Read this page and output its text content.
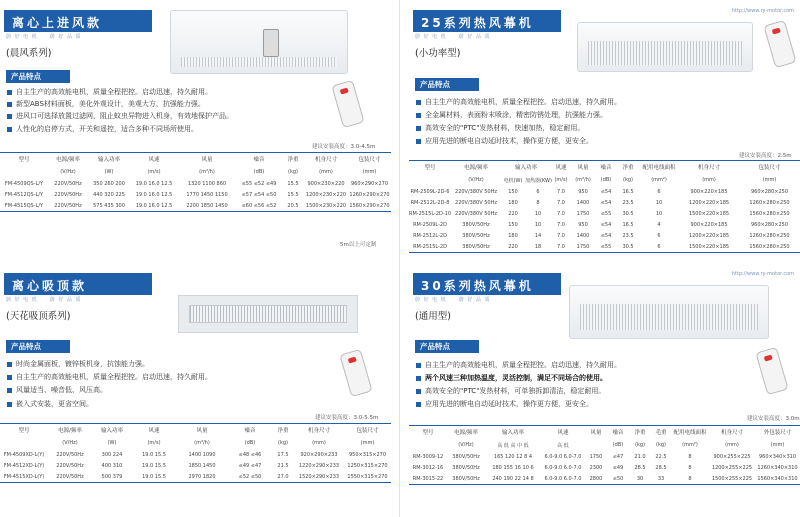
离心上进风款
蔚 好 电 机　　蔚 好 品 质
(晨风系列)
产品特点
自主生产的高效能电机，质量全程把控。启动迅速，持久耐用。
新型ABS材料面板，美化外观设计，美观大方，抗强能力强。
进风口可选择放置过滤网，阻止蚊虫异物进入机身，有效地保护产品。
人性化的启停方式，开关和遥控，适合多种不同场所使用。
建议安装高度：3.0-4.5m
型号	电源/频率	输入功率	风速	风量	噪音	净重	机身尺寸	包装尺寸
	(V/Hz)	(W)	(m/s)	(m³/h)	(dB)	(kg)	(mm)	(mm)
FM-4509QS-L/Y	220V/50Hz	350 260 200	19.0 16.0 12.5	1320 1100 860	≤55 ≤52 ≤49	15.5	900×230×220	960×290×270
FM-4512QS-L/Y	220V/50Hz	440 320 225	19.0 16.0 12.5	1770 1450 1150	≤57 ≤54 ≤50	15.5	1200×230×220	1260×290×270
FM-4515QS-L/Y	220V/50Hz	575 435 300	19.0 16.0 12.5	2200 1850 1450	≤60 ≤56 ≤52	20.5	1500×230×220	1560×290×270
5m以上可定制
25系列热风幕机
http://www.ry-motor.com
蔚 好 电 机　　蔚 好 品 质
(小功率型)
产品特点
自主生产的高效能电机，质量全程把控。启动迅速，持久耐用。
全金属材料，表面粉末喷涂，精密防锈处理，抗强能力强。
高效安全的"PTC"发热材料，快速加热，稳定耐用。
应用先进的断电自动延时技术，操作更方便，更安全。
建议安装高度：2.5m
型号	电源/频率	输入功率		风速	风量	噪音	净重	配用电线面积	机身尺寸	包装尺寸
	(V/Hz)	电机(W)	加热器(KW)	(m/s)	(m³/h)	(dB)	(kg)	(mm²)	(mm)	(mm)
RM-2509L-2D-6	220V/380V 50Hz	150	6	7.0	950	≤54	16.5	6	900×220×185	960×280×250
RM-2512L-2D-8	220V/380V 50Hz	180	8	7.0	1400	≤54	23.5	10	1200×220×185	1260×280×250
RM-2515L-2D-10	220V/380V 50Hz	220	10	7.0	1750	≤55	30.5	10	1500×220×185	1560×280×250
RM-2509L-2D	380V/50Hz	150	10	7.0	950	≤54	16.5	4	900×220×185	960×280×250
RM-2512L-2D	380V/50Hz	180	14	7.0	1400	≤54	23.5	6	1200×220×185	1260×280×250
RM-2515L-2D	380V/50Hz	220	18	7.0	1750	≤55	30.5	6	1500×220×185	1560×280×250
离心吸顶款
蔚 好 电 机　　蔚 好 品 质
(天花吸顶系列)
产品特点
时尚金属面板，镀锌板机身，抗蚀能力强。
自主生产的高效能电机，质量全程把控。启动迅速，持久耐用。
风量适当、噪音低、风压高。
嵌入式安装，更省空间。
建议安装高度：3.0-5.5m
型号	电源/频率	输入功率	风速	风量	噪音	净重	机身尺寸	包装尺寸
	(V/Hz)	(W)	(m/s)	(m³/h)	(dB)	(kg)	(mm)	(mm)
FM-4509XD-L(Y)	220V/50Hz	300 224	19.0 15.5	1400 1090	≤48 ≤46	17.5	920×290×233	950×315×270
FM-4512XD-L(Y)	220V/50Hz	400 310	19.0 15.5	1850 1450	≤49 ≤47	21.5	1220×290×233	1250×315×270
FM-4515XD-L(Y)	220V/50Hz	500 379	19.0 15.5	2970 1820	≤52 ≤50	27.0	1520×290×233	1550×315×270
30系列热风幕机
http://www.ry-motor.com
蔚 好 电 机　　蔚 好 品 质
(通用型)
产品特点
自主生产的高效能电机，质量全程把控。启动迅速，持久耐用。
两个风速三种加热温度，灵活控制，满足不同场合的使用。
高效安全的"PTC"发热材料，可单独拆卸清洁，稳定耐用。
应用先进的断电自动延时技术，操作更方便，更安全。
建议安装高度：3.0m
型号	电源/频率	输入功率	风速	风量	噪音	净重	毛重	配用电线面积	机身尺寸	外包装尺寸
	(V/Hz)	高 低 高 中 低	高 低		(dB)	(kg)	(kg)	(mm²)	(mm)	(mm)
RM-3009-12	380V/50Hz	165 120 12 8 4	6.0-9.0 6.0-7.0	1750	≤47	21.0	22.5	8	900×255×225	960×340×310
RM-3012-16	380V/50Hz	180 155 16 10 6	6.0-9.0 6.0-7.0	2300	≤49	28.5	28.5	8	1200×255×225	1260×340×310
RM-3015-22	380V/50Hz	240 190 22 14 8	6.0-9.0 6.0-7.0	2800	≤50	30	33	8	1500×255×225	1560×340×310
